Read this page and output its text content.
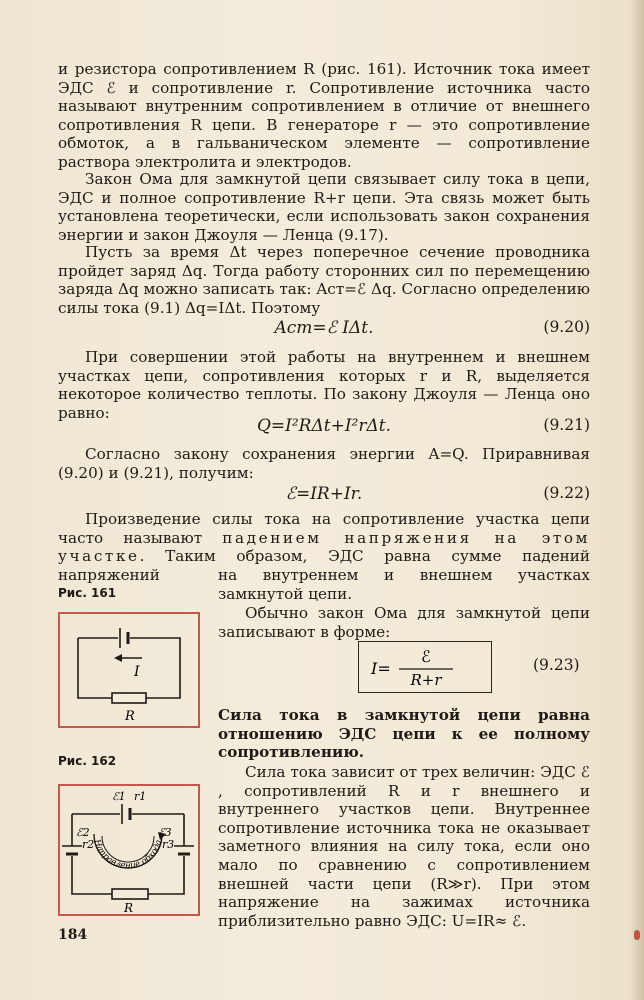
и резистора сопротивлением R (рис. 161). Источник тока имеет ЭДС ℰ и сопротивление r. Сопротивление источника часто называют внутренним сопротивлением в отличие от внешнего сопротивления R цепи. В генераторе r — это сопротивление обмоток, а в гальваническом элементе — сопротивление раствора электролита и электродов.

Закон Ома для замкнутой цепи связывает силу тока в цепи, ЭДС и полное сопротивление R+r цепи. Эта связь может быть установлена теоретически, если использовать закон сохранения энергии и закон Джоуля — Ленца (9.17).

Пусть за время Δt через поперечное сечение проводника пройдет заряд Δq. Тогда работу сторонних сил по перемещению заряда Δq можно записать так: Aст=ℰ Δq. Согласно определению силы тока (9.1) Δq=IΔt. Поэтому

Aст=ℰ IΔt.	(9.20)

При совершении этой работы на внутреннем и внешнем участках цепи, сопротивления которых r и R, выделяется некоторое количество теплоты. По закону Джоуля — Ленца оно равно:

Q=I²RΔt+I²rΔt.	(9.21)

Согласно закону сохранения энергии A=Q. Приравнивая (9.20) и (9.21), получим:

ℰ=IR+Ir.	(9.22)

Произведение силы тока на сопротивление участка цепи часто называют падением напряжения на этом участке. Таким образом, ЭДС равна сумме падений напряжений	на внутреннем и внешнем участках замкнутой цепи.

Обычно закон Ома для замкнутой цепи записывают в форме:

I=
ℰ
R+r
(9.23)

Сила тока в замкнутой цепи равна отношению ЭДС цепи к ее полному сопротивлению.

Сила тока зависит от трех величин: ЭДС ℰ , сопротивлений R и r внешнего и внутреннего участков цепи. Внутреннее сопротивление источника тока не оказывает заметного влияния на силу тока, если оно мало по сравнению с сопротивлением внешней части цепи (R≫r). При этом напряжение на зажимах источника приблизительно равно ЭДС: U=IR≈ ℰ.

Рис. 161
I
R
Рис. 162
Направление обхода
ℰ1 r1
ℰ2
r2
ℰ3
r3
R
184
